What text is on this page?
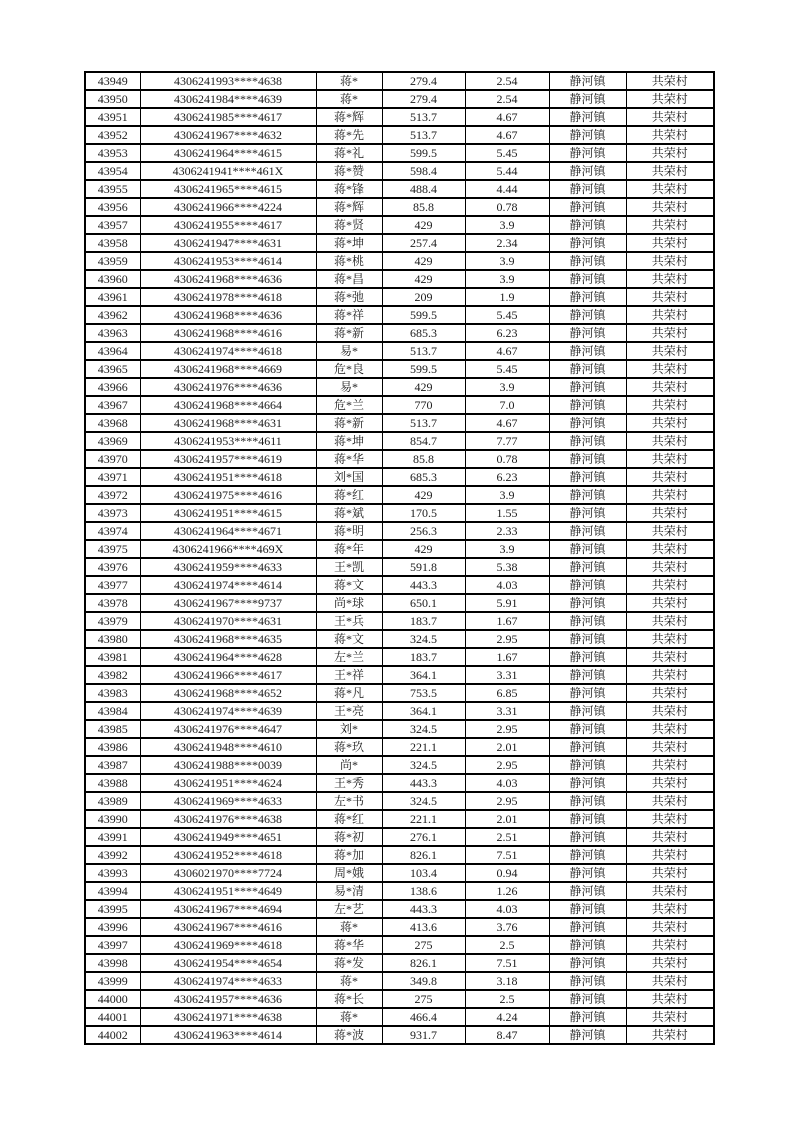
43949	4306241993****4638	蒋*	279.4	2.54	静河镇	共荣村
43950	4306241984****4639	蒋*	279.4	2.54	静河镇	共荣村
43951	4306241985****4617	蒋*辉	513.7	4.67	静河镇	共荣村
43952	4306241967****4632	蒋*先	513.7	4.67	静河镇	共荣村
43953	4306241964****4615	蒋*礼	599.5	5.45	静河镇	共荣村
43954	4306241941****461X	蒋*赞	598.4	5.44	静河镇	共荣村
43955	4306241965****4615	蒋*锋	488.4	4.44	静河镇	共荣村
43956	4306241966****4224	蒋*辉	85.8	0.78	静河镇	共荣村
43957	4306241955****4617	蒋*贤	429	3.9	静河镇	共荣村
43958	4306241947****4631	蒋*坤	257.4	2.34	静河镇	共荣村
43959	4306241953****4614	蒋*桃	429	3.9	静河镇	共荣村
43960	4306241968****4636	蒋*昌	429	3.9	静河镇	共荣村
43961	4306241978****4618	蒋*弛	209	1.9	静河镇	共荣村
43962	4306241968****4636	蒋*祥	599.5	5.45	静河镇	共荣村
43963	4306241968****4616	蒋*新	685.3	6.23	静河镇	共荣村
43964	4306241974****4618	易*	513.7	4.67	静河镇	共荣村
43965	4306241968****4669	危*良	599.5	5.45	静河镇	共荣村
43966	4306241976****4636	易*	429	3.9	静河镇	共荣村
43967	4306241968****4664	危*兰	770	7.0	静河镇	共荣村
43968	4306241968****4631	蒋*新	513.7	4.67	静河镇	共荣村
43969	4306241953****4611	蒋*坤	854.7	7.77	静河镇	共荣村
43970	4306241957****4619	蒋*华	85.8	0.78	静河镇	共荣村
43971	4306241951****4618	刘*国	685.3	6.23	静河镇	共荣村
43972	4306241975****4616	蒋*红	429	3.9	静河镇	共荣村
43973	4306241951****4615	蒋*斌	170.5	1.55	静河镇	共荣村
43974	4306241964****4671	蒋*明	256.3	2.33	静河镇	共荣村
43975	4306241966****469X	蒋*年	429	3.9	静河镇	共荣村
43976	4306241959****4633	王*凯	591.8	5.38	静河镇	共荣村
43977	4306241974****4614	蒋*文	443.3	4.03	静河镇	共荣村
43978	4306241967****9737	尚*球	650.1	5.91	静河镇	共荣村
43979	4306241970****4631	王*兵	183.7	1.67	静河镇	共荣村
43980	4306241968****4635	蒋*文	324.5	2.95	静河镇	共荣村
43981	4306241964****4628	左*兰	183.7	1.67	静河镇	共荣村
43982	4306241966****4617	王*祥	364.1	3.31	静河镇	共荣村
43983	4306241968****4652	蒋*凡	753.5	6.85	静河镇	共荣村
43984	4306241974****4639	王*亮	364.1	3.31	静河镇	共荣村
43985	4306241976****4647	刘*	324.5	2.95	静河镇	共荣村
43986	4306241948****4610	蒋*玖	221.1	2.01	静河镇	共荣村
43987	4306241988****0039	尚*	324.5	2.95	静河镇	共荣村
43988	4306241951****4624	王*秀	443.3	4.03	静河镇	共荣村
43989	4306241969****4633	左*书	324.5	2.95	静河镇	共荣村
43990	4306241976****4638	蒋*红	221.1	2.01	静河镇	共荣村
43991	4306241949****4651	蒋*初	276.1	2.51	静河镇	共荣村
43992	4306241952****4618	蒋*加	826.1	7.51	静河镇	共荣村
43993	4306021970****7724	周*娥	103.4	0.94	静河镇	共荣村
43994	4306241951****4649	易*清	138.6	1.26	静河镇	共荣村
43995	4306241967****4694	左*艺	443.3	4.03	静河镇	共荣村
43996	4306241967****4616	蒋*	413.6	3.76	静河镇	共荣村
43997	4306241969****4618	蒋*华	275	2.5	静河镇	共荣村
43998	4306241954****4654	蒋*发	826.1	7.51	静河镇	共荣村
43999	4306241974****4633	蒋*	349.8	3.18	静河镇	共荣村
44000	4306241957****4636	蒋*长	275	2.5	静河镇	共荣村
44001	4306241971****4638	蒋*	466.4	4.24	静河镇	共荣村
44002	4306241963****4614	蒋*波	931.7	8.47	静河镇	共荣村
